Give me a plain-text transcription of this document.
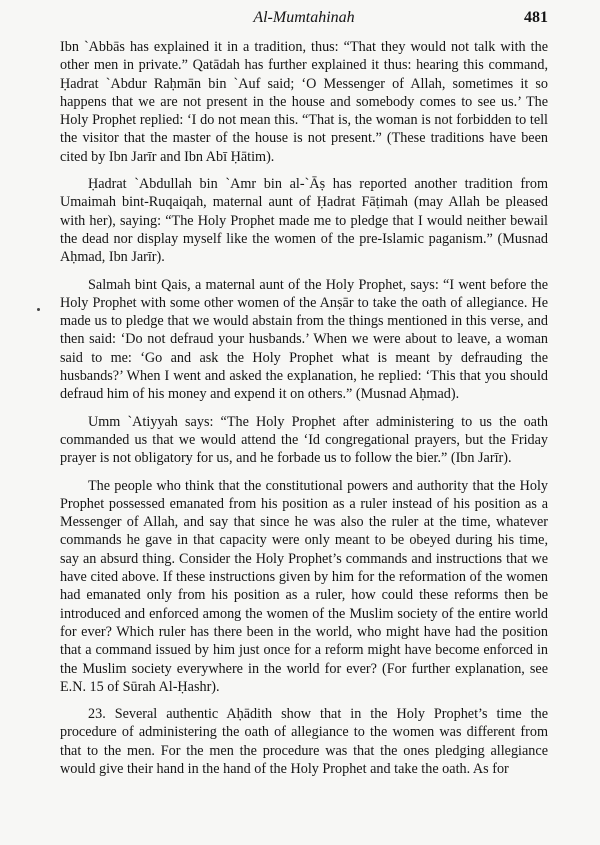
Al-Mumtahinah	481

Ibn `Abbās has explained it in a tradition, thus: “That they would not talk with the other men in private.” Qatādah has further explained it thus: hearing this command, Ḥadrat `Abdur Raḥmān bin `Auf said; ‘O Messenger of Allah, sometimes it so happens that we are not present in the house and somebody comes to see us.’ The Holy Prophet replied: ‘I do not mean this. “That is, the woman is not forbidden to tell the visitor that the master of the house is not present.” (These traditions have been cited by Ibn Jarīr and Ibn Abī Ḥātim).

Ḥadrat `Abdullah bin `Amr bin al-`Āṣ has reported another tradition from Umaimah bint-Ruqaiqah, maternal aunt of Ḥadrat Fāṭimah (may Allah be pleased with her), saying: “The Holy Prophet made me to pledge that I would neither bewail the dead nor display myself like the women of the pre-Islamic paganism.” (Musnad Aḥmad, Ibn Jarīr).

Salmah bint Qais, a maternal aunt of the Holy Prophet, says: “I went before the Holy Prophet with some other women of the Anṣār to take the oath of allegiance. He made us to pledge that we would abstain from the things mentioned in this verse, and then said: ‘Do not defraud your husbands.’ When we were about to leave, a woman said to me: ‘Go and ask the Holy Prophet what is meant by defrauding the husbands?’ When I went and asked the explanation, he replied: ‘This that you should defraud him of his money and expend it on others.” (Musnad Aḥmad).

Umm `Atiyyah says: “The Holy Prophet after administering to us the oath commanded us that we would attend the ‘Id congregational prayers, but the Friday prayer is not obligatory for us, and he forbade us to follow the bier.” (Ibn Jarīr).

The people who think that the constitutional powers and authority that the Holy Prophet possessed emanated from his position as a ruler instead of his position as a Messenger of Allah, and say that since he was also the ruler at the time, whatever commands he gave in that capacity were only meant to be obeyed during his time, say an absurd thing. Consider the Holy Prophet’s commands and instructions that we have cited above. If these instructions given by him for the reformation of the women had emanated only from his position as a ruler, how could these reforms then be introduced and enforced among the women of the Muslim society of the entire world for ever? Which ruler has there been in the world, who might have had the position that a command issued by him just once for a reform might have become enforced in the Muslim society everywhere in the world for ever? (For further explanation, see E.N. 15 of Sūrah Al-Ḥashr).

23. Several authentic Aḥādith show that in the Holy Prophet’s time the procedure of administering the oath of allegiance to the women was different from that to the men. For the men the procedure was that the ones pledging allegiance would give their hand in the hand of the Holy Prophet and take the oath. As for
